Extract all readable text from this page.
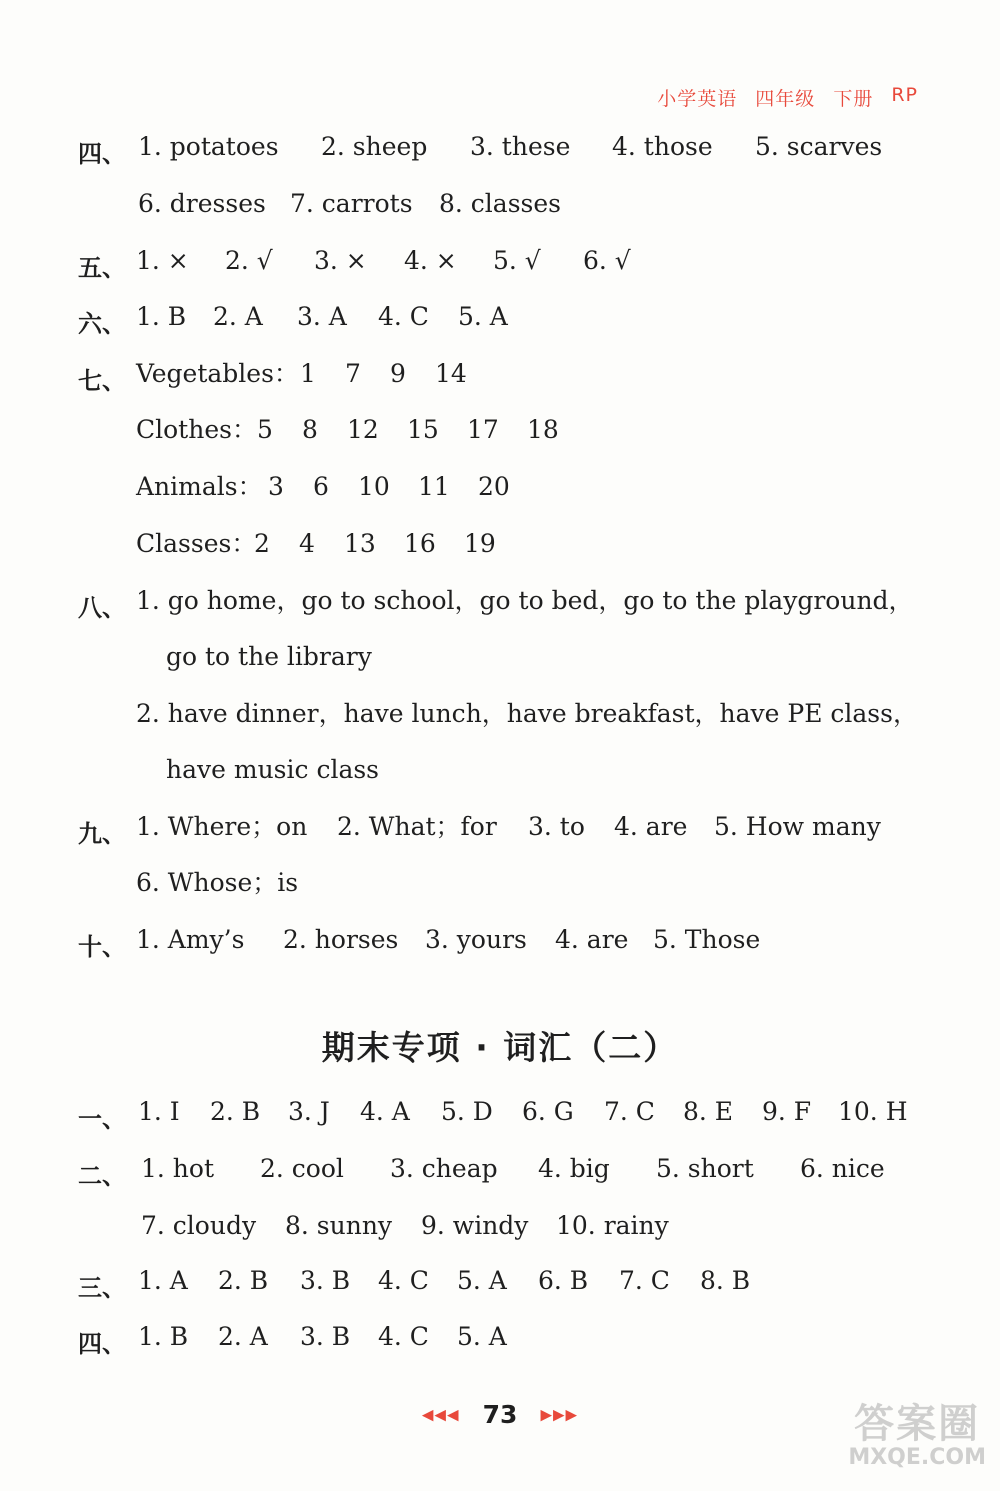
小学英语 四年级 下册 RP
四、 1. potatoes 2. sheep 3. these 4. those 5. scarves
6. dresses 7. carrots 8. classes
五、 1. × 2. √ 3. × 4. × 5. √ 6. √
六、 1. B 2. A 3. A 4. C 5. A
七、 Vegetables： 1 7 9 14
Clothes： 5 8 12 15 17 18
Animals： 3 6 10 11 20
Classes：
2 4 13 16 19
八、 1. go home，go to school，go to bed，go to the playground，
go to the library
2. have dinner，have lunch，have breakfast，have PE class，
have music class
九、 1. Where；on 2. What；for 3. to 4. are 5. How many
6. Whose；is
十、 1. Amy’s 2. horses 3. yours 4. are 5. Those
一、 1. I 2. B 3. J 4. A 5. D 6. G 7. C 8. E 9. F 10. H
二、 1. hot 2. cool 3. cheap 4. big 5. short 6. nice
7. cloudy 8. sunny 9. windy 10. rainy
三、 1. A 2. B 3. B 4. C 5. A 6. B 7. C 8. B
四、 1. B 2. A 3. B 4. C 5. A
期末专项 · 词汇（二）
◀◀◀ 73 ▶▶▶	答案圈
MXQE.COM
